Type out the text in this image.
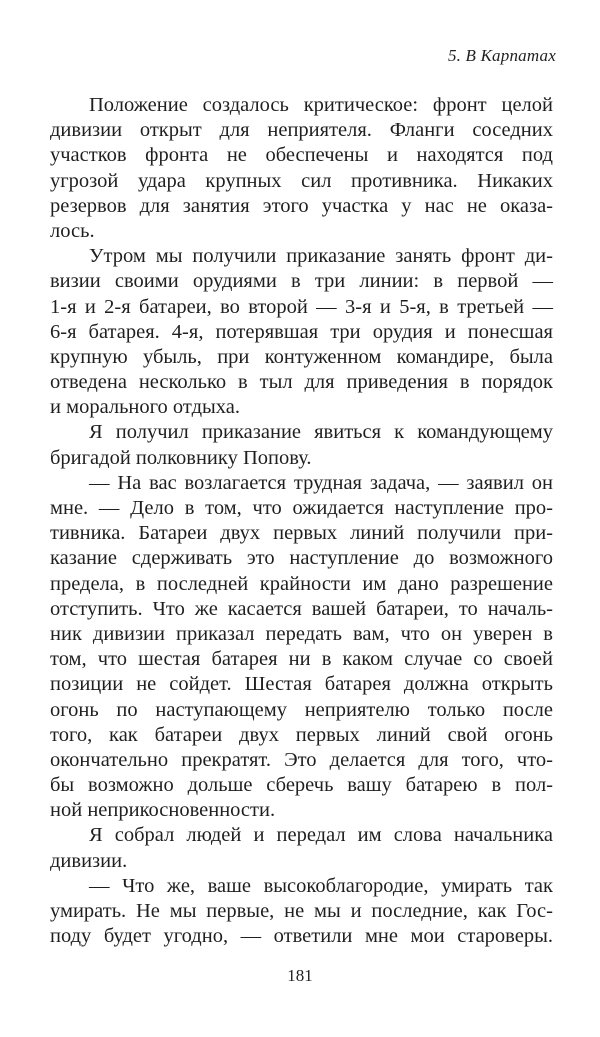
5. В Карпатах
Положение создалось критическое: фронт целой
дивизии открыт для неприятеля. Фланги соседних
участков фронта не обеспечены и находятся под
угрозой удара крупных сил противника. Никаких
резервов для занятия этого участка у нас не оказа-
лось.
Утром мы получили приказание занять фронт ди-
визии своими орудиями в три линии: в первой —
1-я и 2-я батареи, во второй — 3-я и 5-я, в третьей —
6-я батарея. 4-я, потерявшая три орудия и понесшая
крупную убыль, при контуженном командире, была
отведена несколько в тыл для приведения в порядок
и морального отдыха.
Я получил приказание явиться к командующему
бригадой полковнику Попову.
— На вас возлагается трудная задача, — заявил он
мне. — Дело в том, что ожидается наступление про-
тивника. Батареи двух первых линий получили при-
казание сдерживать это наступление до возможного
предела, в последней крайности им дано разрешение
отступить. Что же касается вашей батареи, то началь-
ник дивизии приказал передать вам, что он уверен в
том, что шестая батарея ни в каком случае со своей
позиции не сойдет. Шестая батарея должна открыть
огонь по наступающему неприятелю только после
того, как батареи двух первых линий свой огонь
окончательно прекратят. Это делается для того, что-
бы возможно дольше сберечь вашу батарею в пол-
ной неприкосновенности.
Я собрал людей и передал им слова начальника
дивизии.
— Что же, ваше высокоблагородие, умирать так
умирать. Не мы первые, не мы и последние, как Гос-
поду будет угодно, — ответили мне мои староверы.
181
